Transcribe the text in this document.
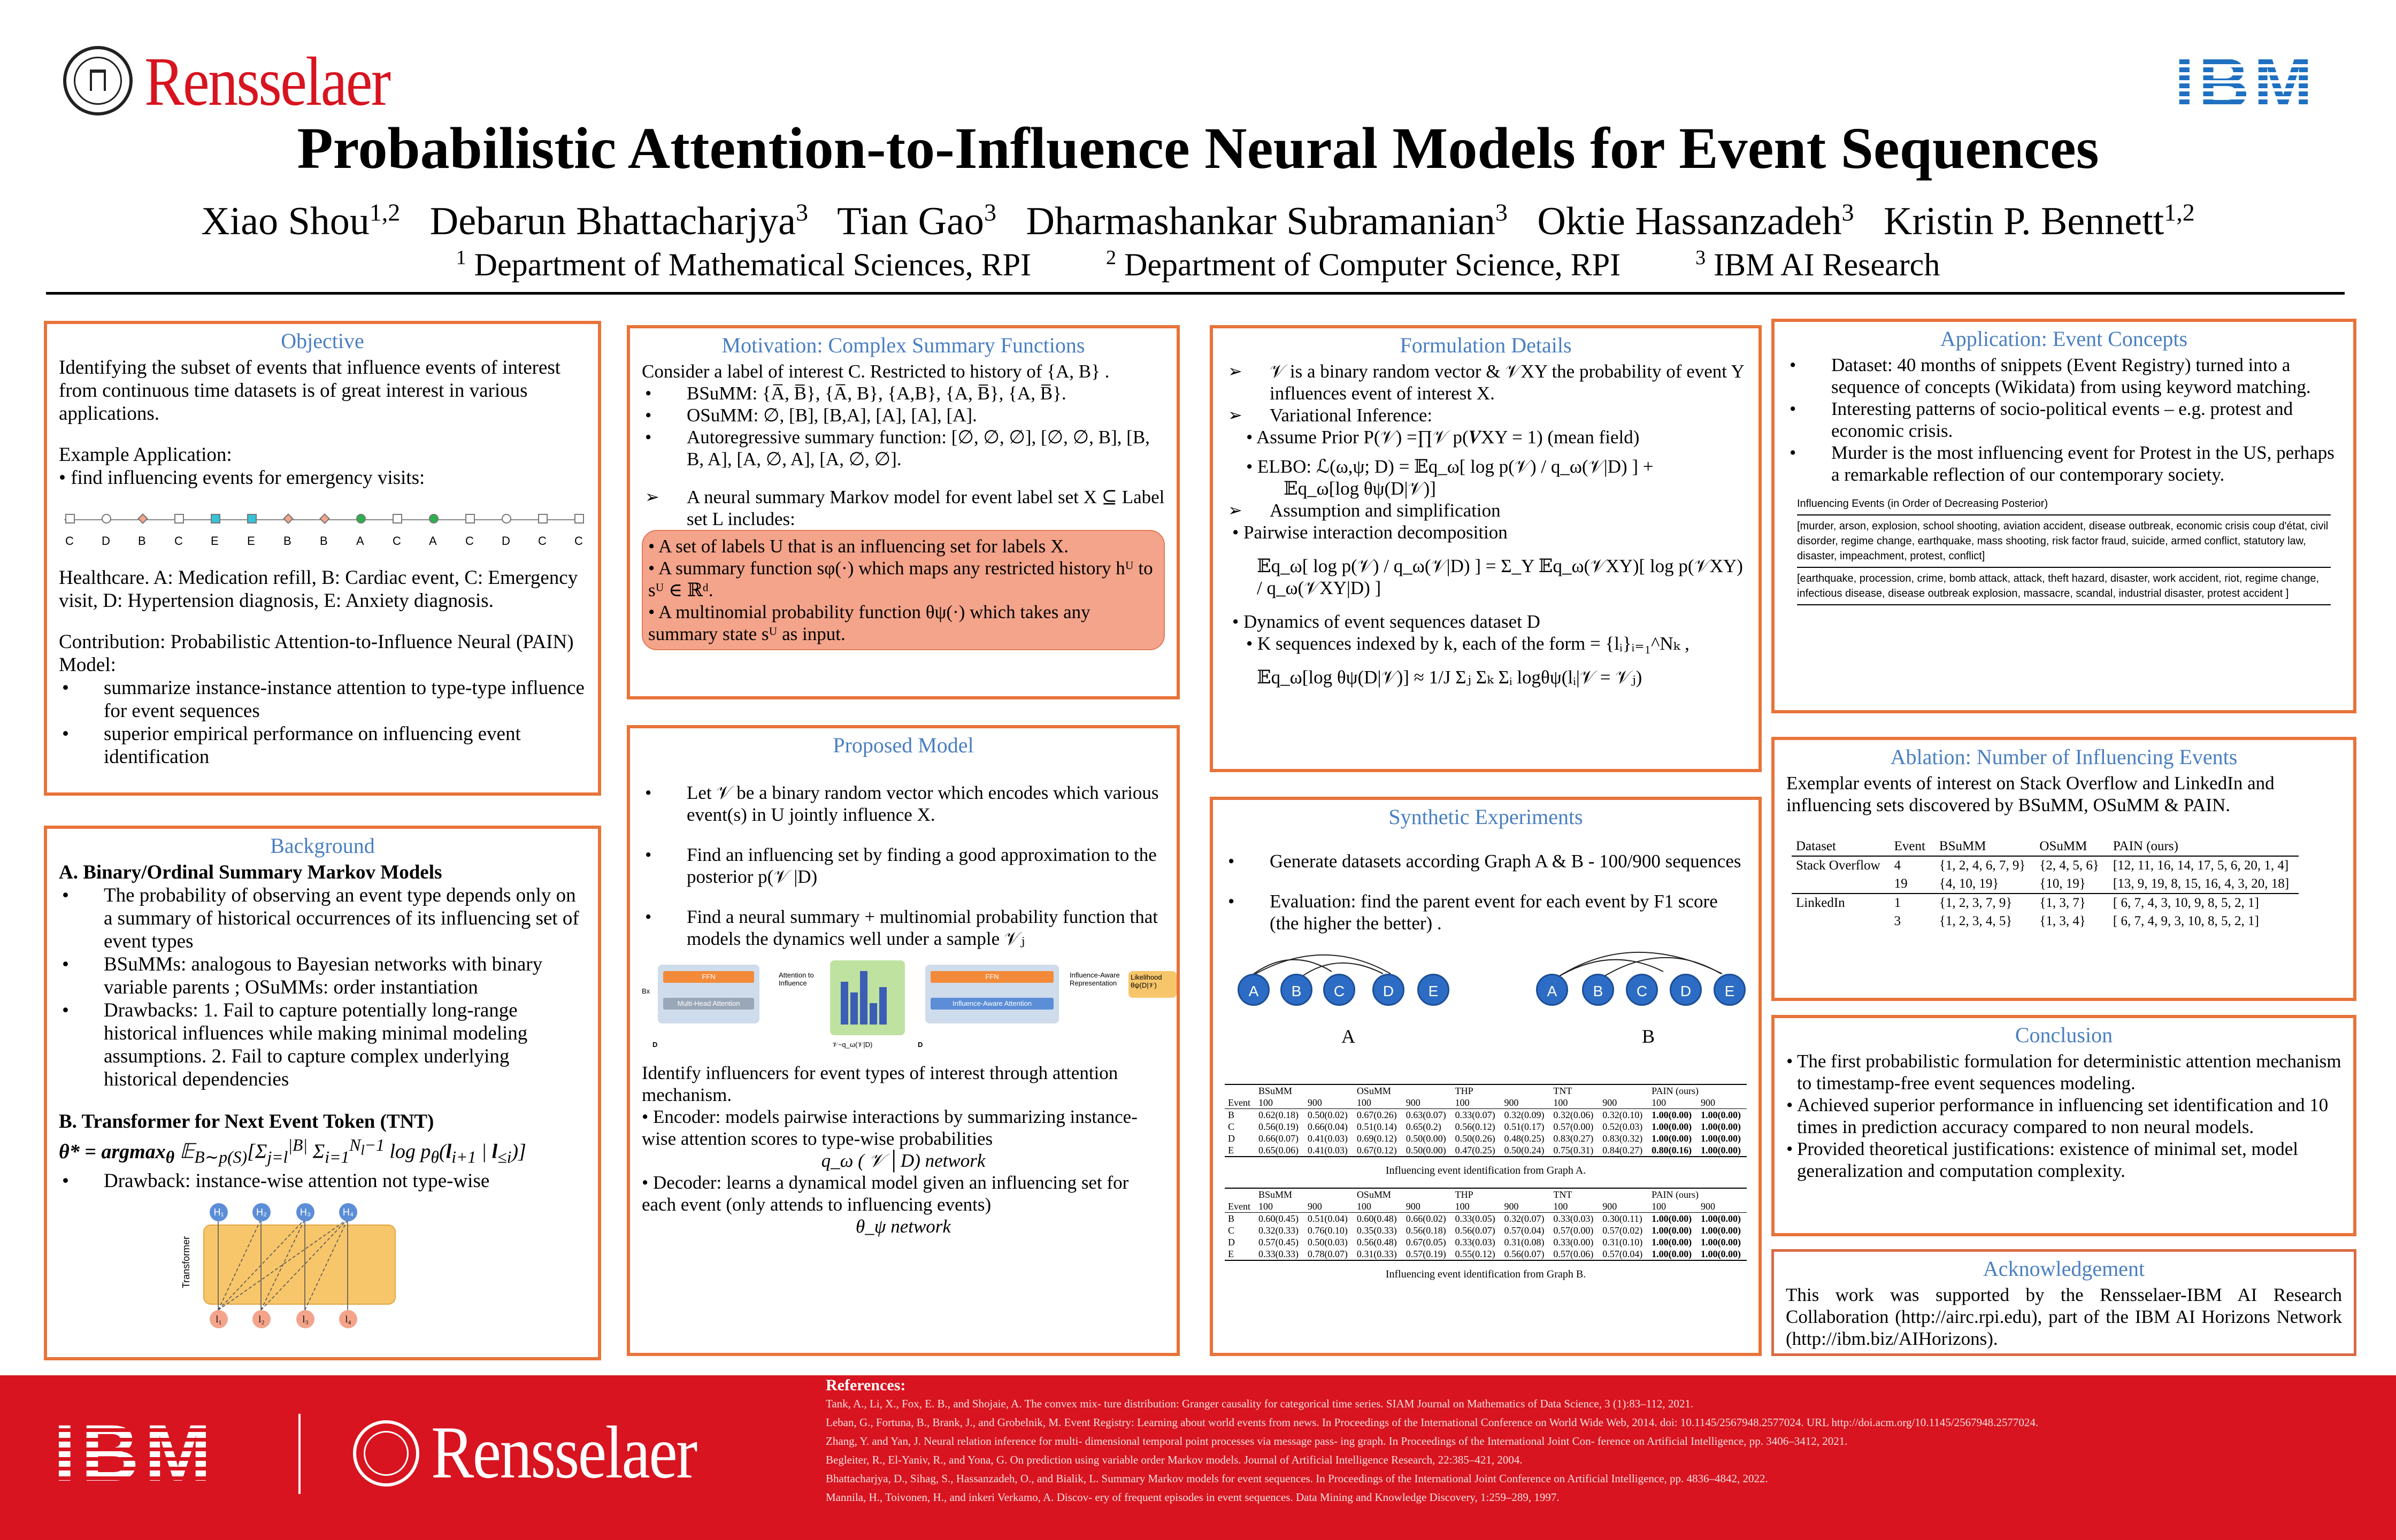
Rensselaer	IBM
Probabilistic Attention-to-Influence Neural Models for Event Sequences
Xiao Shou$^{1,2}$ Debarun Bhattacharjya$^3$ Tian Gao$^3$ Dharmashankar Subramanian$^3$ Oktie Hassanzadeh$^3$ Kristin P. Bennett$^{1,2}$
$^1$ Department of Mathematical Sciences, RPI	$^2$ Department of Computer Science, RPI	$^3$ IBM AI Research
Objective
Identifying the subset of events that influence events of interest from continuous time datasets is of great interest in various applications.
Example Application:
• find influencing events for emergency visits:
C D B C E E B B A C A C D C C
Healthcare. A: Medication refill, B: Cardiac event, C: Emergency visit, D: Hypertension diagnosis, E: Anxiety diagnosis.
Contribution: Probabilistic Attention-to-Influence Neural (PAIN) Model:
• summarize instance-instance attention to type-type influence for event sequences
• superior empirical performance on influencing event identification
Background
A. Binary/Ordinal Summary Markov Models
• The probability of observing an event type depends only on a summary of historical occurrences of its influencing set of event types
• BSuMMs: analogous to Bayesian networks with binary variable parents ; OSuMMs: order instantiation
• Drawbacks: 1. Fail to capture potentially long-range historical influences while making minimal modeling assumptions. 2. Fail to capture complex underlying historical dependencies
B. Transformer for Next Event Token (TNT)
θ* = argmax$_\theta$ $𝔼_{B\sim p(S)}[\Sigma_{j=l}^{|B|}$ $\Sigma_{i=1}^{N_l-1}$ $\log p_\theta(l_{i+1}$ | $l_{\le i}$)]
• Drawback: instance-wise attention not type-wise
Transformer
H₁	H₂	H₃	H₄
l₁	l₂	l₃	l₄
Motivation: Complex Summary Functions
Consider a label of interest C. Restricted to history of {A, B} .
• BSuMM: {A̅, B̅}, {A̅, B}, {A,B}, {A, B̅}, {A, B̅}.
• OSuMM: ∅, [B], [B,A], [A], [A], [A].
• Autoregressive summary function: [∅, ∅, ∅], [∅, ∅, B], [B, B, A], [A, ∅, A], [A, ∅, ∅].
➢ A neural summary Markov model for event label set X ⊆ Label set L includes:
• A set of labels U that is an influencing set for labels X.
• A summary function sφ(·) which maps any restricted history hᵁ to sᵁ ∈ ℝᵈ.
• A multinomial probability function θψ(·) which takes any summary state sᵁ as input.
Proposed Model
• Let 𝒱 be a binary random vector which encodes which various event(s) in U jointly influence X.
• Find an influencing set by finding a good approximation to the posterior p(𝒱 |D)
• Find a neural summary + multinomial probability function that models the dynamics well under a sample 𝒱ⱼ
Bx
FFN
Multi-Head Attention
Attention to Influence
𝒱~q_ω(𝒱|D)
FFN
Influence-Aware Attention
Influence-Aware Representation
Likelihood θψ(D|𝒱)
D	D
Identify influencers for event types of interest through attention mechanism.
• Encoder: models pairwise interactions by summarizing instance-wise attention scores to type-wise probabilities
q_ω ( 𝒱 │D) network
• Decoder: learns a dynamical model given an influencing set for each event (only attends to influencing events)
θ_ψ network
Formulation Details
➢ 𝒱 is a binary random vector & 𝒱XY the probability of event Y influences event of interest X.
➢ Variational Inference:
• Assume Prior P(𝒱) =∏𝒱 p(𝑽XY = 1) (mean field)
• ELBO: ℒ(ω,ψ; D) = 𝔼q_ω[ log p(𝒱) / q_ω(𝒱|D) ] +
𝔼q_ω[log θψ(D|𝒱)]
➢ Assumption and simplification
• Pairwise interaction decomposition
𝔼q_ω[ log p(𝒱) / q_ω(𝒱|D) ] = Σ_Y 𝔼q_ω(𝒱XY)[ log p(𝒱XY) / q_ω(𝒱XY|D) ]
• Dynamics of event sequences dataset D
• K sequences indexed by k, each of the form = {lᵢ}ᵢ₌₁^Nₖ ,
𝔼q_ω[log θψ(D|𝒱)] ≈ 1/J Σⱼ Σₖ Σᵢ logθψ(lᵢ|𝒱 = 𝒱ⱼ)
Synthetic Experiments
• Generate datasets according Graph A & B - 100/900 sequences
• Evaluation: find the parent event for each event by F1 score (the higher the better) .
A	B	C	D	E
A
A	B	C	D	E
B
	BSuMM		OSuMM		THP		TNT		PAIN (ours)	
Event	100	900	100	900	100	900	100	900	100	900
B	0.62(0.18)	0.50(0.02)	0.67(0.26)	0.63(0.07)	0.33(0.07)	0.32(0.09)	0.32(0.06)	0.32(0.10)	1.00(0.00)	1.00(0.00)
C	0.56(0.19)	0.66(0.04)	0.51(0.14)	0.65(0.2)	0.56(0.12)	0.51(0.17)	0.57(0.00)	0.52(0.03)	1.00(0.00)	1.00(0.00)
D	0.66(0.07)	0.41(0.03)	0.69(0.12)	0.50(0.00)	0.50(0.26)	0.48(0.25)	0.83(0.27)	0.83(0.32)	1.00(0.00)	1.00(0.00)
E	0.65(0.06)	0.41(0.03)	0.67(0.12)	0.50(0.00)	0.47(0.25)	0.50(0.24)	0.75(0.31)	0.84(0.27)	0.80(0.16)	1.00(0.00)
Influencing event identification from Graph A.
	BSuMM		OSuMM		THP		TNT		PAIN (ours)	
Event	100	900	100	900	100	900	100	900	100	900
B	0.60(0.45)	0.51(0.04)	0.60(0.48)	0.66(0.02)	0.33(0.05)	0.32(0.07)	0.33(0.03)	0.30(0.11)	1.00(0.00)	1.00(0.00)
C	0.32(0.33)	0.76(0.10)	0.35(0.33)	0.56(0.18)	0.56(0.07)	0.57(0.04)	0.57(0.00)	0.57(0.02)	1.00(0.00)	1.00(0.00)
D	0.57(0.45)	0.50(0.03)	0.56(0.48)	0.67(0.05)	0.33(0.03)	0.31(0.08)	0.33(0.00)	0.31(0.10)	1.00(0.00)	1.00(0.00)
E	0.33(0.33)	0.78(0.07)	0.31(0.33)	0.57(0.19)	0.55(0.12)	0.56(0.07)	0.57(0.06)	0.57(0.04)	1.00(0.00)	1.00(0.00)
Influencing event identification from Graph B.
Application: Event Concepts
• Dataset: 40 months of snippets (Event Registry) turned into a sequence of concepts (Wikidata) from using keyword matching.
• Interesting patterns of socio-political events – e.g. protest and economic crisis.
• Murder is the most influencing event for Protest in the US, perhaps a remarkable reflection of our contemporary society.
Influencing Events (in Order of Decreasing Posterior)
[murder, arson, explosion, school shooting, aviation accident, disease outbreak, economic crisis coup d'état, civil disorder, regime change, earthquake, mass shooting, risk factor fraud, suicide, armed conflict, statutory law, disaster, impeachment, protest, conflict]
[earthquake, procession, crime, bomb attack, attack, theft hazard, disaster, work accident, riot, regime change, infectious disease, disease outbreak explosion, massacre, scandal, industrial disaster, protest accident ]
Ablation: Number of Influencing Events
Exemplar events of interest on Stack Overflow and LinkedIn and influencing sets discovered by BSuMM, OSuMM & PAIN.
Dataset	Event	BSuMM	OSuMM	PAIN (ours)
Stack Overflow	4	{1, 2, 4, 6, 7, 9}	{2, 4, 5, 6}	[12, 11, 16, 14, 17, 5, 6, 20, 1, 4]
	19	{4, 10, 19}	{10, 19}	[13, 9, 19, 8, 15, 16, 4, 3, 20, 18]
LinkedIn	1	{1, 2, 3, 7, 9}	{1, 3, 7}	[ 6, 7, 4, 3, 10, 9, 8, 5, 2, 1]
	3	{1, 2, 3, 4, 5}	{1, 3, 4}	[ 6, 7, 4, 9, 3, 10, 8, 5, 2, 1]
Conclusion
• The first probabilistic formulation for deterministic attention mechanism to timestamp-free event sequences modeling.
• Achieved superior performance in influencing set identification and 10 times in prediction accuracy compared to non neural models.
• Provided theoretical justifications: existence of minimal set, model generalization and computation complexity.
Acknowledgement
This work was supported by the Rensselaer-IBM AI Research Collaboration (http://airc.rpi.edu), part of the IBM AI Horizons Network (http://ibm.biz/AIHorizons).
IBM	Rensselaer
References:
Tank, A., Li, X., Fox, E. B., and Shojaie, A. The convex mix- ture distribution: Granger causality for categorical time series. SIAM Journal on Mathematics of Data Science, 3 (1):83–112, 2021.
Leban, G., Fortuna, B., Brank, J., and Grobelnik, M. Event Registry: Learning about world events from news. In Proceedings of the International Conference on World Wide Web, 2014. doi: 10.1145/2567948.2577024. URL http://doi.acm.org/10.1145/2567948.2577024.
Zhang, Y. and Yan, J. Neural relation inference for multi- dimensional temporal point processes via message pass- ing graph. In Proceedings of the International Joint Con- ference on Artificial Intelligence, pp. 3406–3412, 2021.
Begleiter, R., El-Yaniv, R., and Yona, G. On prediction using variable order Markov models. Journal of Artificial Intelligence Research, 22:385–421, 2004.
Bhattacharjya, D., Sihag, S., Hassanzadeh, O., and Bialik, L. Summary Markov models for event sequences. In Proceedings of the International Joint Conference on Artificial Intelligence, pp. 4836–4842, 2022.
Mannila, H., Toivonen, H., and inkeri Verkamo, A. Discov- ery of frequent episodes in event sequences. Data Mining and Knowledge Discovery, 1:259–289, 1997.
